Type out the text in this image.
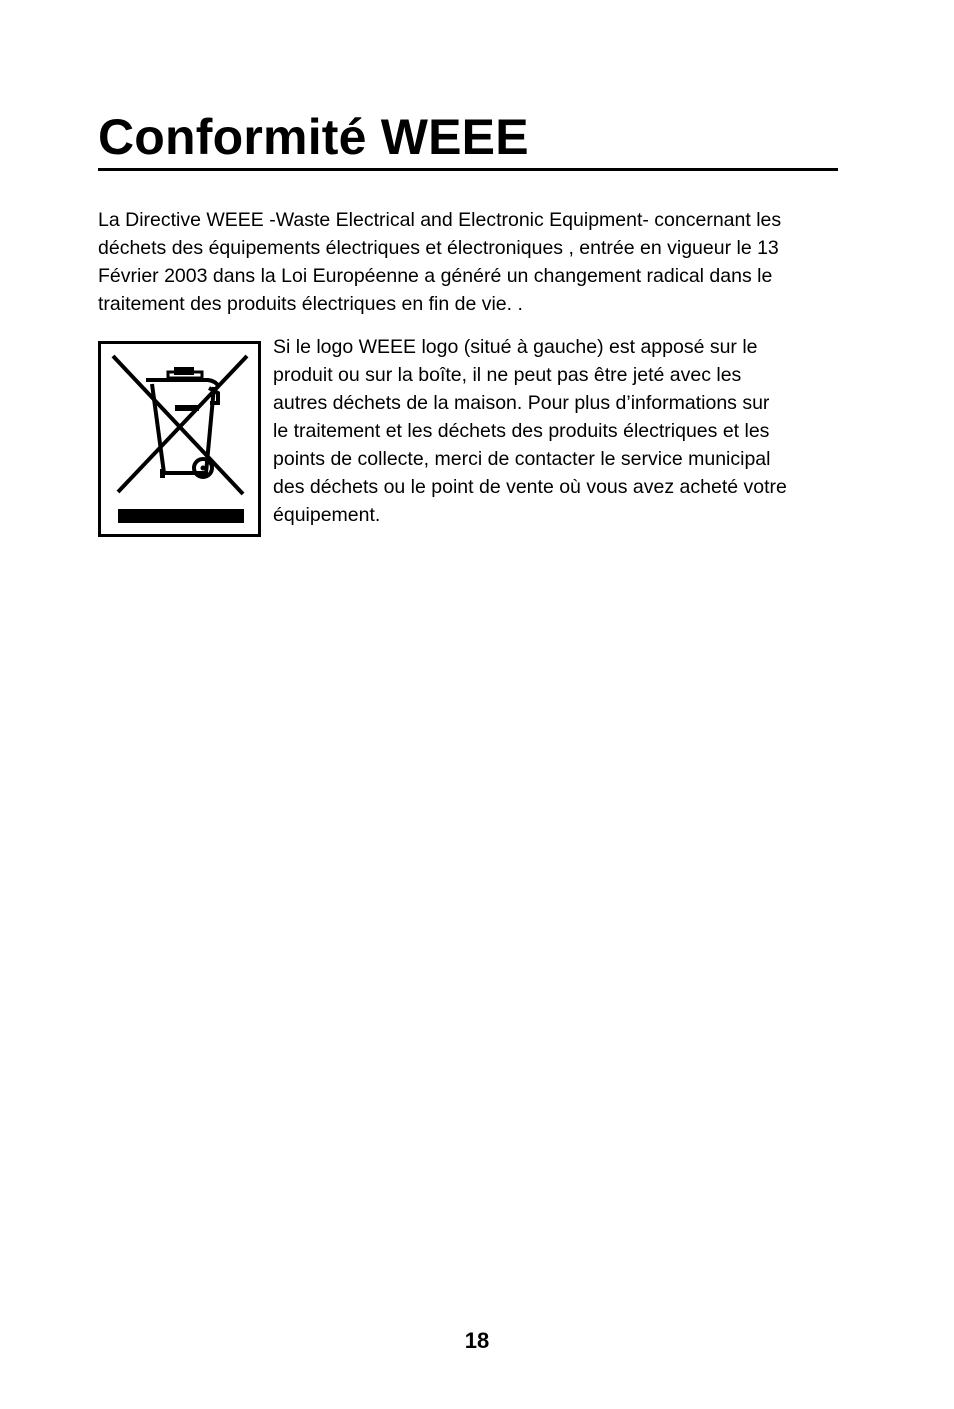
Conformité WEEE

La Directive WEEE -Waste Electrical and Electronic Equipment- concernant les
déchets des équipements électriques et électroniques , entrée en vigueur le 13
Février 2003 dans la Loi Européenne a généré un changement radical dans le
traitement des produits électriques en fin de vie. .

Si le logo WEEE logo (situé à gauche) est apposé sur le
produit ou sur la boîte, il ne peut pas être jeté avec les
autres déchets de la maison. Pour plus d’informations sur
le traitement et les déchets des produits électriques et les
points de collecte, merci de contacter le service municipal
des déchets ou le point de vente où vous avez acheté votre
équipement.

18
